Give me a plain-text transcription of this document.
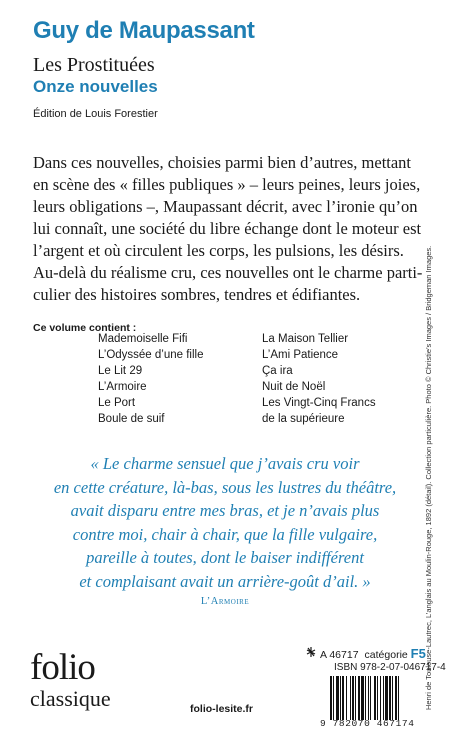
Guy de Maupassant
Les Prostituées
Onze nouvelles
Édition de Louis Forestier
Dans ces nouvelles, choisies parmi bien d’autres, mettant
en scène des « filles publiques » – leurs peines, leurs joies,
leurs obligations –, Maupassant décrit, avec l’ironie qu’on
lui connaît, une société du libre échange dont le moteur est
l’argent et où circulent les corps, les pulsions, les désirs.
Au-delà du réalisme cru, ces nouvelles ont le charme parti-
culier des histoires sombres, tendres et édifiantes.
Ce volume contient :
Mademoiselle Fifi
L’Odyssée d’une fille
Le Lit 29
L’Armoire
Le Port
Boule de suif
La Maison Tellier
L’Ami Patience
Ça ira
Nuit de Noël
Les Vingt-Cinq Francs
de la supérieure
« Le charme sensuel que j’avais cru voir
en cette créature, là-bas, sous les lustres du théâtre,
avait disparu entre mes bras, et je n’avais plus
contre moi, chair à chair, que la fille vulgaire,
pareille à toutes, dont le baiser indifférent
et complaisant avait un arrière-goût d’ail. »
L’Armoire
folio
classique	folio-lesite.fr
A 46717 catégorie F5
ISBN 978-2-07-046717-4
9 782070 467174
Henri de Toulouse-Lautrec, L’anglais au Moulin-Rouge, 1892 (détail). Collection particulière. Photo © Christie’s Images / Bridgeman Images.
